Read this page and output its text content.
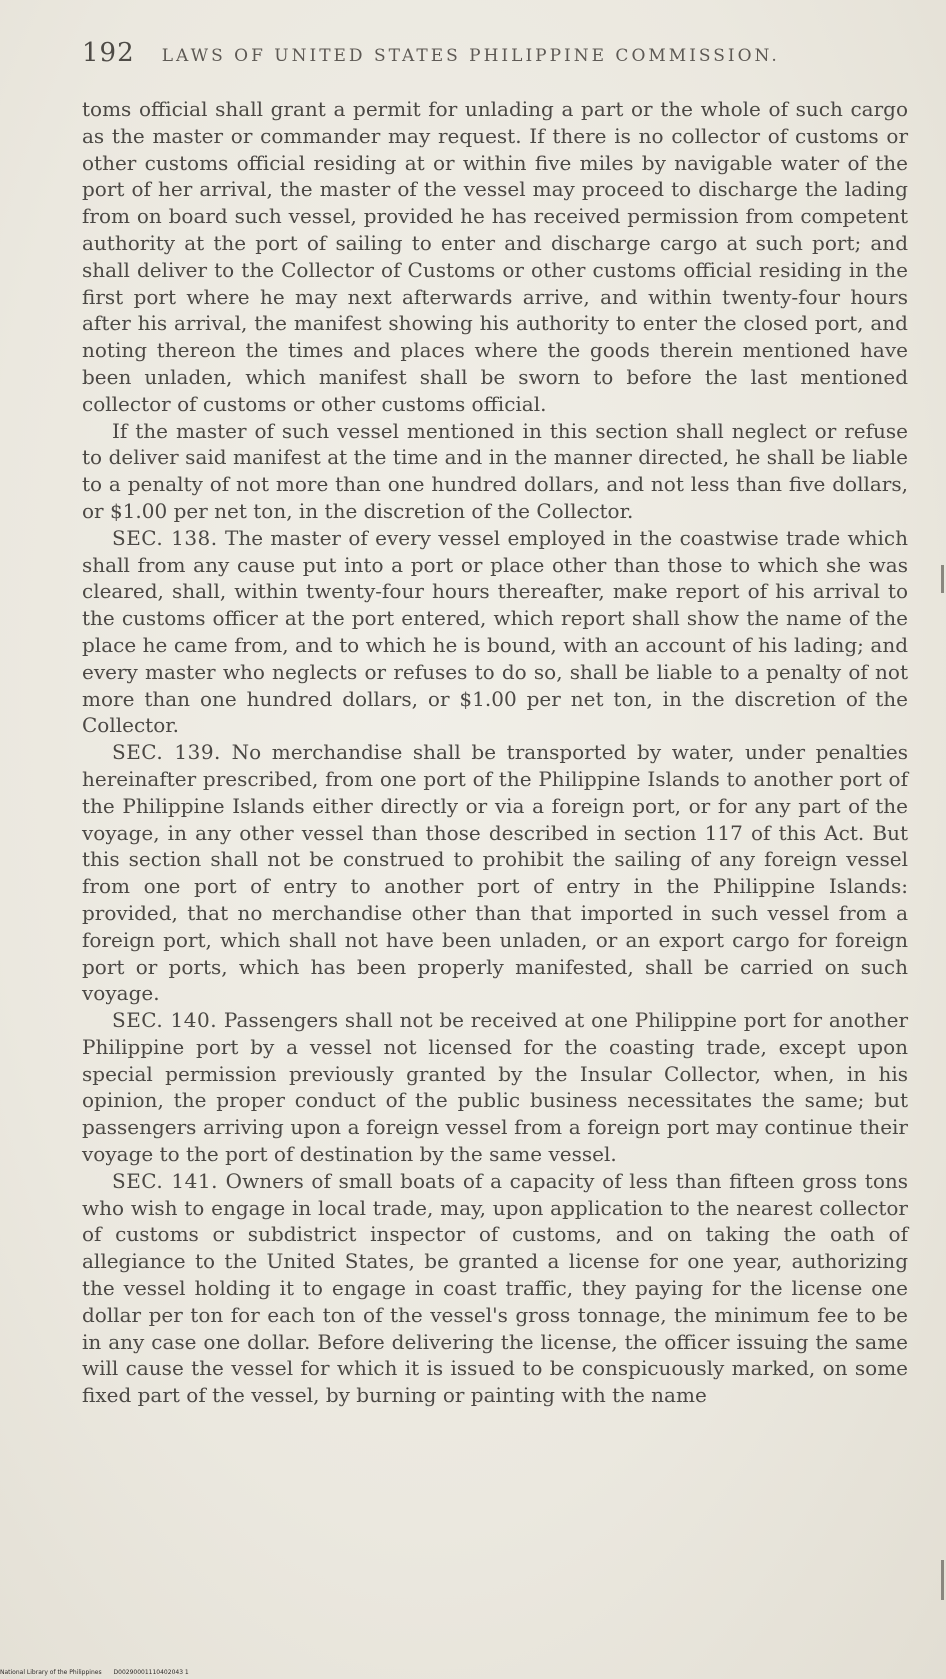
192 LAWS OF UNITED STATES PHILIPPINE COMMISSION.

toms official shall grant a permit for unlading a part or the whole of such cargo as the master or commander may request. If there is no collector of customs or other customs official residing at or within five miles by navigable water of the port of her arrival, the master of the vessel may proceed to discharge the lading from on board such vessel, provided he has received permission from competent authority at the port of sailing to enter and discharge cargo at such port; and shall deliver to the Collector of Customs or other customs official residing in the first port where he may next afterwards arrive, and within twenty-four hours after his arrival, the manifest showing his authority to enter the closed port, and noting thereon the times and places where the goods therein mentioned have been unladen, which manifest shall be sworn to before the last mentioned collector of customs or other customs official.

If the master of such vessel mentioned in this section shall neglect or refuse to deliver said manifest at the time and in the manner directed, he shall be liable to a penalty of not more than one hundred dollars, and not less than five dollars, or $1.00 per net ton, in the discretion of the Collector.

SEC. 138. The master of every vessel employed in the coastwise trade which shall from any cause put into a port or place other than those to which she was cleared, shall, within twenty-four hours thereafter, make report of his arrival to the customs officer at the port entered, which report shall show the name of the place he came from, and to which he is bound, with an account of his lading; and every master who neglects or refuses to do so, shall be liable to a penalty of not more than one hundred dollars, or $1.00 per net ton, in the discretion of the Collector.

SEC. 139. No merchandise shall be transported by water, under penalties hereinafter prescribed, from one port of the Philippine Islands to another port of the Philippine Islands either directly or via a foreign port, or for any part of the voyage, in any other vessel than those described in section 117 of this Act. But this section shall not be construed to prohibit the sailing of any foreign vessel from one port of entry to another port of entry in the Philippine Islands: provided, that no merchandise other than that imported in such vessel from a foreign port, which shall not have been unladen, or an export cargo for foreign port or ports, which has been properly manifested, shall be carried on such voyage.

SEC. 140. Passengers shall not be received at one Philippine port for another Philippine port by a vessel not licensed for the coasting trade, except upon special permission previously granted by the Insular Collector, when, in his opinion, the proper conduct of the public business necessitates the same; but passengers arriving upon a foreign vessel from a foreign port may continue their voyage to the port of destination by the same vessel.

SEC. 141. Owners of small boats of a capacity of less than fifteen gross tons who wish to engage in local trade, may, upon application to the nearest collector of customs or subdistrict inspector of customs, and on taking the oath of allegiance to the United States, be granted a license for one year, authorizing the vessel holding it to engage in coast traffic, they paying for the license one dollar per ton for each ton of the vessel's gross tonnage, the minimum fee to be in any case one dollar. Before delivering the license, the officer issuing the same will cause the vessel for which it is issued to be conspicuously marked, on some fixed part of the vessel, by burning or painting with the name

National Library of the Philippines D00290001110402043 1
